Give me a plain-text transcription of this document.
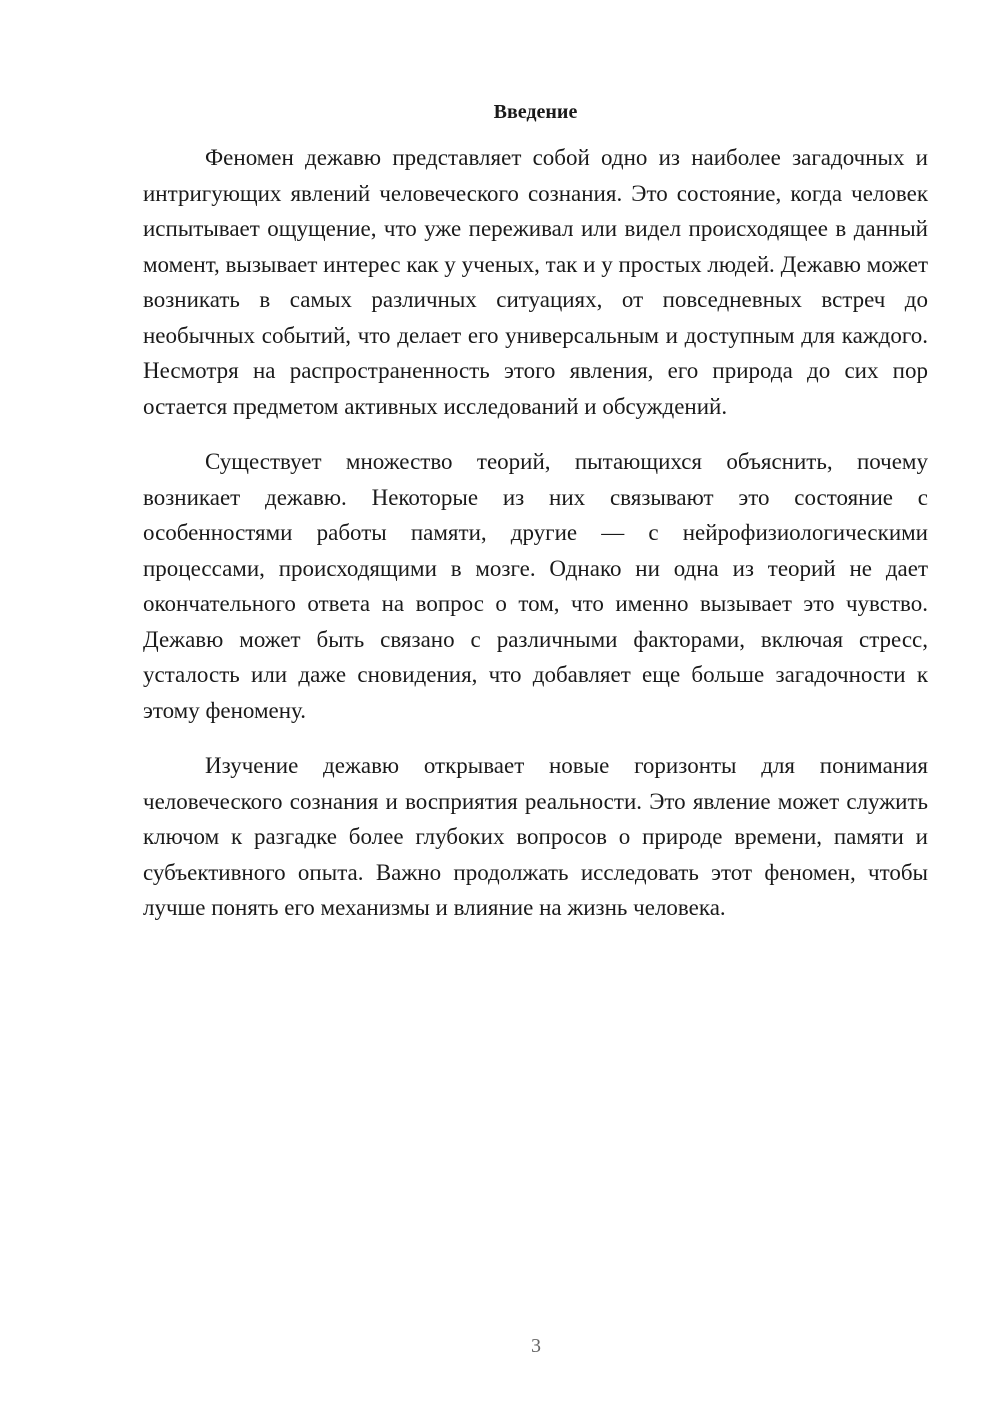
Введение

Феномен дежавю представляет собой одно из наиболее загадочных и интригующих явлений человеческого сознания. Это состояние, когда человек испытывает ощущение, что уже переживал или видел происходящее в данный момент, вызывает интерес как у ученых, так и у простых людей. Дежавю может возникать в самых различных ситуациях, от повседневных встреч до необычных событий, что делает его универсальным и доступным для каждого. Несмотря на распространенность этого явления, его природа до сих пор остается предметом активных исследований и обсуждений.

Существует множество теорий, пытающихся объяснить, почему возникает дежавю. Некоторые из них связывают это состояние с особенностями работы памяти, другие — с нейрофизиологическими процессами, происходящими в мозге. Однако ни одна из теорий не дает окончательного ответа на вопрос о том, что именно вызывает это чувство. Дежавю может быть связано с различными факторами, включая стресс, усталость или даже сновидения, что добавляет еще больше загадочности к этому феномену.

Изучение дежавю открывает новые горизонты для понимания человеческого сознания и восприятия реальности. Это явление может служить ключом к разгадке более глубоких вопросов о природе времени, памяти и субъективного опыта. Важно продолжать исследовать этот феномен, чтобы лучше понять его механизмы и влияние на жизнь человека.

3
